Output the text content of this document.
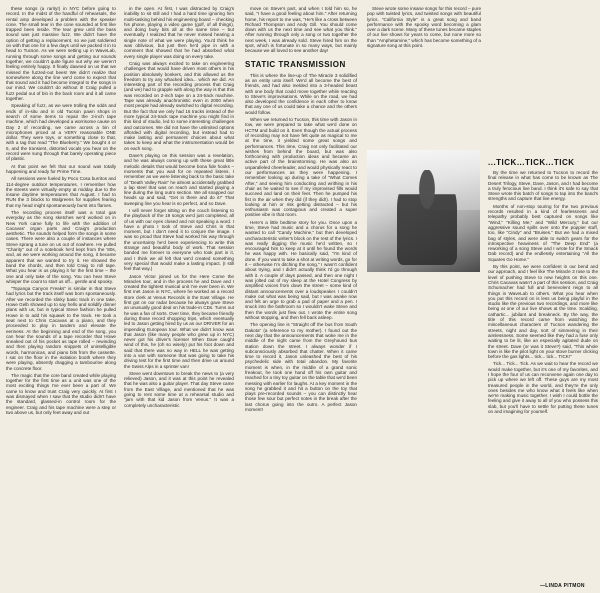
these songs (a rarity!) in NYC before going to record. In the midst of the handful of rehearsals, the rental amp developed a problem with the speaker cone. The small tear in the cone sounded at first like trapped bees inside. The tear grew until the bass sound was just massive fuzz. We didn't have the option of getting a replacement, so we just soldiered on with that one for a few days until we packed it in to head to Tucson. As we were setting up in WaveLab, running through some songs and getting our sounds together, we couldn't quite figure out why we weren't feeling entirely happy. It finally dawned on us that we missed the fuzzed-out bees! We didn't realize that somewhere along the line we'd come to expect that that sound and it had become integral to the songs in our mind. We couldn't do without it! Craig pulled a fuzz pedal out of bin in the back room and it all came together.

Speaking of fuzz, as we were trolling the odds and ends of in-situ and in old Tucson pawn shops in search of some items to repair the 2-inch tape machine, which had developed a worrisome cause on Day 2 of recording, we came across a bin of microphones priced at a VERY reasonable ONE dollar. They were toys, or something close to that, with a tag that read "The Blueberry." We bought 4 or 5, and the transient, distorted vocals you hear on the record were sung through that barely operating piece of plastic.

At that point we felt that our sound was totally happening and ready for Prime Time.

All sessions were fueled by Poco Cosa burritos and 114-degree outdoor temperatures. I remember how the streets were virtually empty at midday due to the insane daytime temperatures that August. I had to RUN the 3 blocks to Walgreens for supplies fearing that my head might spontaneously burst into flames.

The recording process itself was a total gas everyday as the song sketches we'd worked on in New York came fully to life with the addition of Cacavas' organ parts and Craig's production aesthetic. The sounds helped form the songs in some cases. There were also a couple of instances where Steve sprang a tune on us out of nowhere. He pulled "Charity" out of a notebook he'd kept from the '80s, and, as we were working around the song, it became apparent that we wanted to try it. He showed the band the chords, and then told Craig to roll tape. What you hear is us playing it for the first time – the one and only take of the song. You can hear Steve whisper the count to start us off... gentle and spooky.

"Topanga Canyon Freaks" is similar in that Steve had lyrics but the track itself was born spontaneously. After we recorded the slinky basic track in one take, Howe Gelb showed up to say hello and solidify dinner plans with us, but in typical Steve fashion he pulled Howe in to add his squawk to the track. He took a seat next to Chris Cacavas at a piano, and they proceeded to play in tandem and elevate the eeriness. At the beginning and end of the song, you can hear the sounds of a tape recorder that Howe sneaked out of his pocket as tape rolled – rewinding and then playing random snippets of unintelligible words, harmonicas, and piano bits from the cassette. I sat on the floor in the isolation booth where they were playing, absently dragging a tambourine along the concrete floor.

The magic that the core band created while playing together for the first time as a unit was one of the most exciting things I've ever been a part of. We came to know and trust Craig very quickly. At first I was dismayed when I saw that the studio didn't have the standard, glassed-in control room for the engineer. Craig and his tape machine were a step or two above us, but only feet away and out

in the open. At first, I was distracted by Craig's inability to sit still and I had a hard time ignoring him multi-tasking behind his engineering board – checking his phone, playing a video game (golf, of all things), and doing busy bits all at the same time – but eventually I realized that he never missed hearing a single note of what we were playing. You'd think he was oblivious, but just then he'd pipe in with a comment that showed that he had absorbed what every single player was doing on every take.

Craig was always excited to take on engineering challenges that would have driven most others in his position absolutely bonkers, and this allowed us the freedom to try any whacked idea... which we did. An interesting part of the recording process that Craig (and we) had to grapple with along the way is that this was recorded on 2-inch tape on a 24-track machine. Tape was already anachronistic even in 2000 when most people had already switched to digital recording. But the fact that we only had 16 tracks instead of the more typical 24-track tape machine you might find in this kind of studio, led to some interesting challenges and outcomes. We did not have the unlimited options afforded with digital recording, but instead had to make lasting and permanent choices about what takes to keep and what the instrumentation would be on each song.

Dave's playing on this session was a revelation, and he was always coming up with these great little melodic details that would become bona fide hooks – moments that you wait for on repeated listens. I remember as we were listening back to the basic take of "Death Valley Rain" he almost accidentally grabbed a lap steel that was on reach and started playing a line during the long outro section. We all snapped our heads up and said, "Get in there and do it!" That sweeping line you hear is so perfect, and so Dave.

I will never forget sitting on the couch listening to the playback of the 19 songs we'd just completed, all of us with our eyes closed and not speaking a word. I have a photo I took of Steve and Chris in that moment, but I don't need it to conjure the image. I was so proud that Steve had worked his way through the uncertainty he'd been experiencing to write this strange and beautiful body of work. That session banded me forever to everyone who took part in it, and I think we all felt that we'd created something very special that would make a lasting impact. (I still feel that way.)

Jason Victor joined us for the Here Come the Miracles tour, and in the process he and Dave and I created the tightest musical unit I've ever been in. We first met Jason in NYC, where he worked as a record store clerk at Venus Records in the East Village. He first got on our radar because he always gave Steve an unusually good deal on his trade-in CDs. Turns out he was a fan of sorts. Over time, they became friendly during those record shopping trips, which eventually led to Jason getting hired by us as our DRIVER for an impending European tour. What we didn't know was that Jason (like many people who grew up in NYC) never got his driver's license! When Dave caught wind of this, he (oh so wisely) put his foot down and said that there was no way in HELL he was getting into a van with someone that was going to take his driving test for the first time and then drive us around the Swiss Alps in a sprinter van!

Steve went downtown to break the news to (a very relieved) Jason, and it was at this point he revealed that he was also a guitar player. That day Steve came from the East Village, and mentioned that he was going to rent some time at a rehearsal studio and "jam with that kid Jason from Venus." It was a completely uncharacteristic

move on Steve's part, and when I told him so, he said, "I have a good feeling about him." After returning home, his report to me was, "He's like a cross between Richard Thompson and Andy Gill. You should come down with us the next time and see what you think." After running through only a song or two together the next week, I was already sold. Steve hired him on the spot, which is fortunate in so many ways, but mainly because we all loved to see another day!

STATIC TRANSMISSION

This is where the line-up of The Miracle 3 solidified as an entity unto itself. We'd all become the best of friends, and had also melded into a 3-headed beast with one body that could move together while reacting to Steve's improvisations. While on the road, we had also developed the confidence in each other to know that any one of us could take a chance and the others would follow.

When we returned to Tucson, this time with Jason in tow, we were prepared to take what we'd done on HCTM and build on it. Even though the actual process of recording may not have felt quite as magical to me at the time, it yielded some great songs and performances. This time, Craig not only facilitated our wishes from behind the board, but was also forthcoming with production ideas and became an active part of the brainstorming. He was also an unparalleled cheerleader, and would physically react to our performances as they were happening. I remember looking up during a take of "What Comes After," and seeing him conducting and writhing in his chair as he waited to see if my improvised fills would succeed and land on their feet. Then he pumped his fist in the air when they did (if they did!). I had to stop looking at him or risk getting distracted – but his enthusiasm was contagious and created a super positive vibe in that room.

Here's a little bedtime story for you. Once upon a time, Steve had music and a chorus for a song he wanted to call "Candy Machine," but then developed uncharacteristic writer's block on the rest of the lyrics. I was really digging the music he'd written, so I encouraged him to keep at it until he found the words he was happy with. He basically said, "I'm kind of done. If you want to take a shot at writing words, go for it – otherwise I'm ditching the song." I wasn't confident about trying, and I didn't actually think I'd go through with it. A couple of days passed, and then one night I was jolted out of my sleep at the Hotel Congress by amplified voices from down the street – some kind of distant announcements over a loudspeaker. I couldn't make out what was being said, but I was awake now and felt an urge to grab a pad of paper and a pen. I snuck into the bathroom so I wouldn't wake Steve and then the words just flew out. I wrote the entire song without stopping, and then fell back asleep.

The opening line is "Straight off the bus from South Dakota" (a reference to my mother). I found out the next day that the announcements that woke me in the middle of the night came from the Greyhound bus station down the street. I always wonder if I subconsciously absorbed that chatter. When it came time to record it, Jason unleashed the best of his psychedelic side with total abandon. My favorite moment is when, in the middle of a grand sonic freakout, he took one hand off his own guitar and reached for a tiny toy guitar on the table that we'd been messing with earlier for laughs. At a key moment in the song he grabbed it and hit a button on the toy that plays pre-recorded sounds – you can distinctly hear those few sour but perfect notes in the break after the last chorus going into the outro. A perfect Jason moment!

Steve wrote some insane songs for this record – pure pop with twisted lyrics, and twisted songs with beautiful lyrics. "California Style" is a great song and band performance with the spooky word becoming a glam over a dark scene. Many of these tunes became staples of our live shows for years to come, but none more so than "Amphetamine," which has become something of a signature song at this point.

...TICK...TICK...TICK

By the time we returned to Tucson to record the final release in what has come to be known as The Desert Trilogy, Steve, Dave, Jason, and I had become a truly ferocious live band. I think it's safe to say that Steve wrote this batch of songs to tap into the band's strengths and capture that live energy.

Months of non-stop touring for the two previous records resulted in a kind of fearlessness and telepathy probably best captured on songs like "Wind," "Killing Me," and "Wild Mercury," but our aggressive sound spills over onto the poppier stuff, too, like "Cindy" and "Bruises." But we had a mixed bag of styles, and were able to switch gears for the introspective heaviness of "The Deep End" (a reworking of a song Steve and I wrote for the Smack Dab record) and the endlessly entertaining "All the Squares Go Home."

By this point, we were confident in our bend and our approach, and I feel like The Miracle 3 rose to the level of pushing Steve to new heights on this one. Chris Cacavas wasn't a part of this session, and Craig Schumacher had full and benevolent reign to all things in WaveLab to others. What you hear when you put this record on is less us being playful in the studio like the previous two recordings, and more like being at one of our live shows at the time. Scalding, cathartic... jubilant and breakneck. By the way, the title of this record came from watching the miscellaneous characters of Tucson wandering the streets, night and day, sort of simmering in their aimlessness. Some seemed like they had a fuse only waiting to be lit, like an especially agitated dude on the street. Dave (or was it Steve?) said, "This whole town is like the pilot light on your stove burner clicking before the gas lights... tick... tick... TICK!"

Tick... Tick... Tick. As we wait to hear the record we would make together, but it's one of my favorites, and I hope the four of us can reconvene again one day to pick up where we left off. These guys are my most treasured people in the world, and they're the only ones besides me who know what it feels like when we're making music together. I wish I could bottle the feeling and give it away to all of you who possess this slab, but you'll have to settle for putting these tunes on and imagining for yourself.

—LINDA PITMON
